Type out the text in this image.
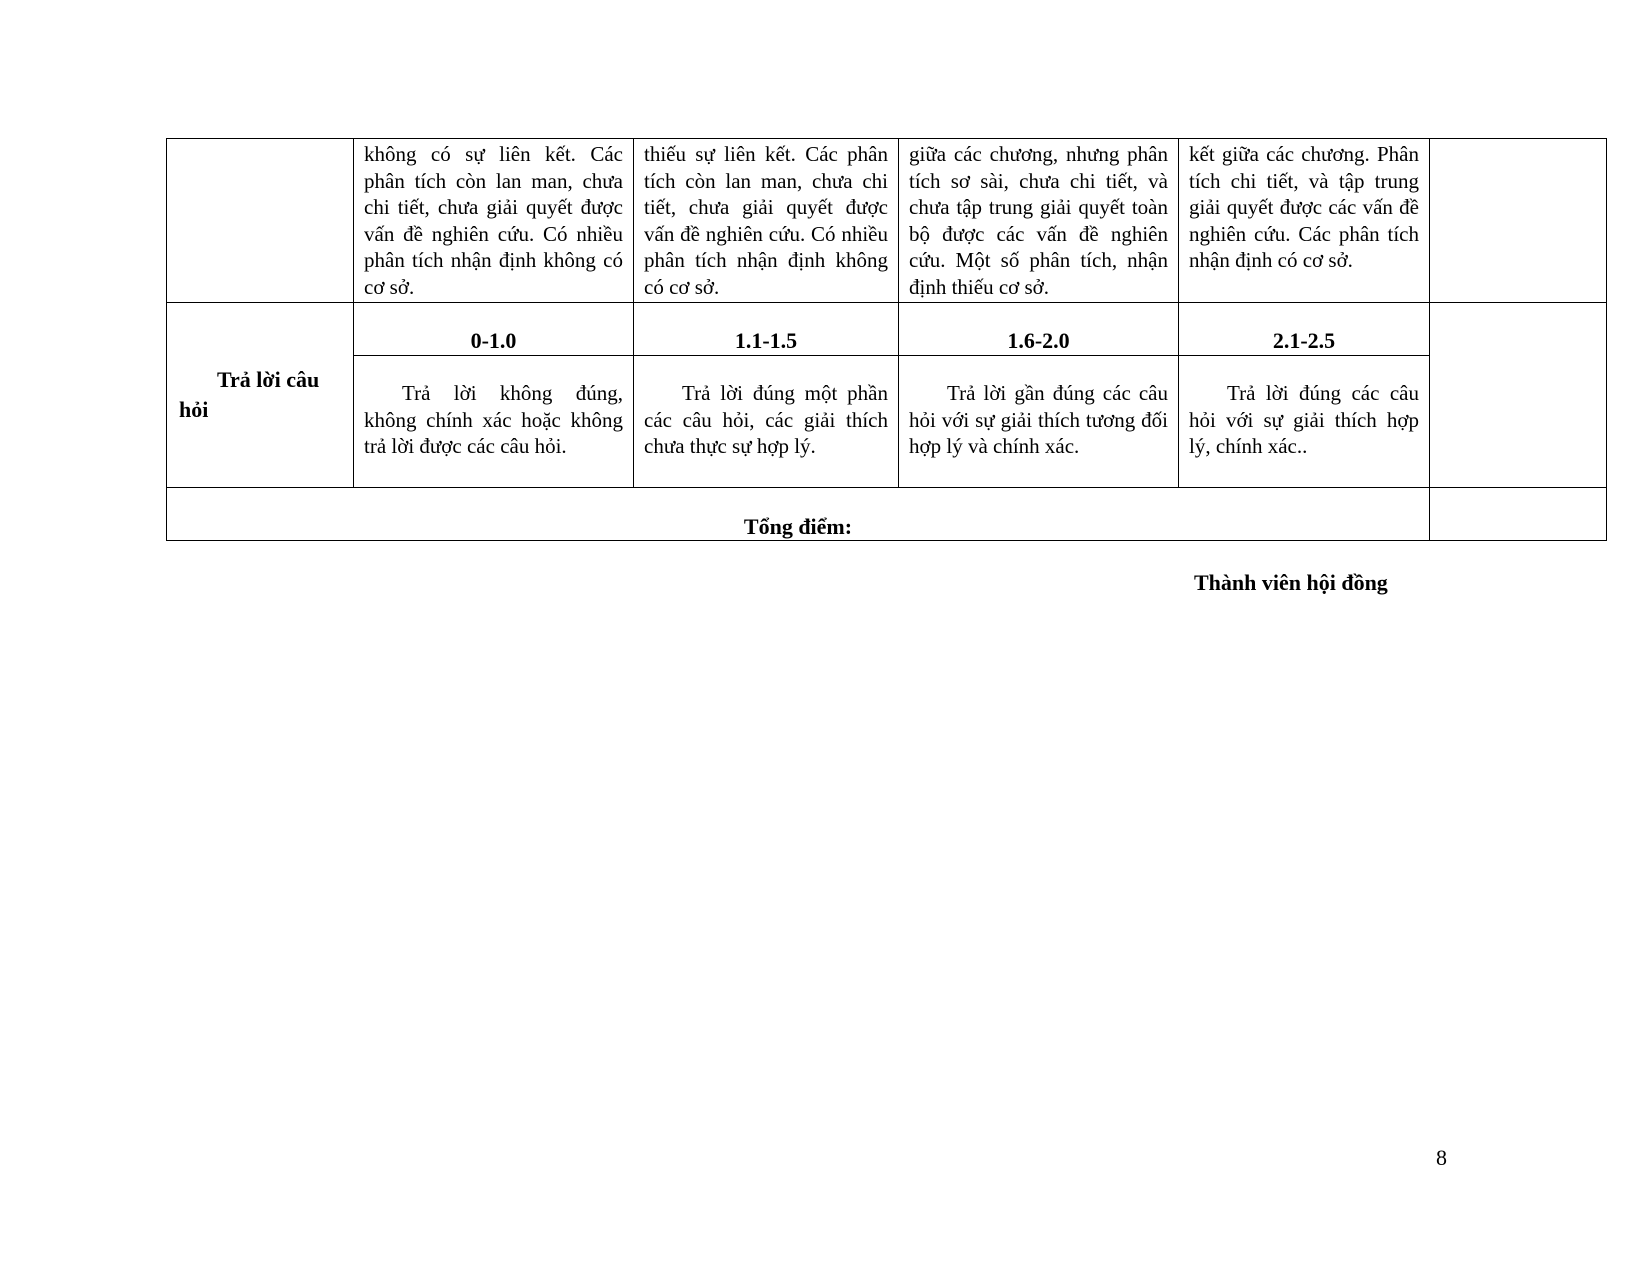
	không có sự liên kết. Các phân tích còn lan man, chưa chi tiết, chưa giải quyết được vấn đề nghiên cứu. Có nhiều phân tích nhận định không có cơ sở.	thiếu sự liên kết. Các phân tích còn lan man, chưa chi tiết, chưa giải quyết được vấn đề nghiên cứu. Có nhiều phân tích nhận định không có cơ sở.	giữa các chương, nhưng phân tích sơ sài, chưa chi tiết, và chưa tập trung giải quyết toàn bộ được các vấn đề nghiên cứu. Một số phân tích, nhận định thiếu cơ sở.	kết giữa các chương. Phân tích chi tiết, và tập trung giải quyết được các vấn đề nghiên cứu. Các phân tích nhận định có cơ sở.	
Trả lời câu hỏi	0-1.0	1.1-1.5	1.6-2.0	2.1-2.5	
	Trả lời không đúng, không chính xác hoặc không trả lời được các câu hỏi.	Trả lời đúng một phần các câu hỏi, các giải thích chưa thực sự hợp lý.	Trả lời gần đúng các câu hỏi với sự giải thích tương đối hợp lý và chính xác.	Trả lời đúng các câu hỏi với sự giải thích hợp lý, chính xác..	
Tổng điểm:					
Thành viên hội đồng
8
